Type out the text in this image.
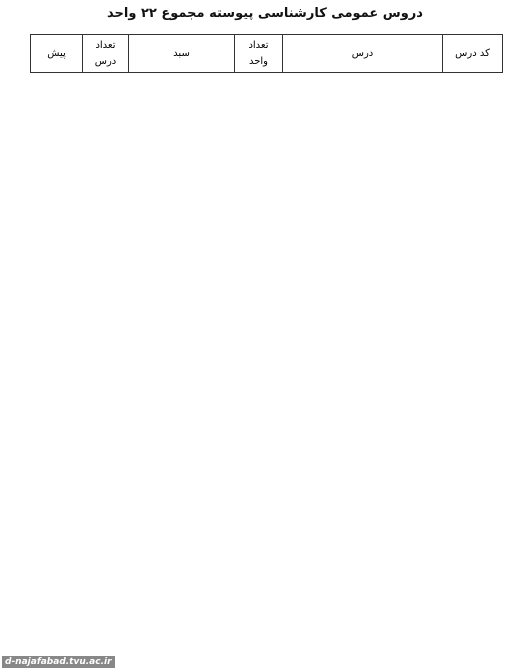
دروس عمومی کارشناسی پیوسته مجموع ۲۲ واحد
کد درس	درس	تعداد واحد	سبد	تعداد درس	پیش
d-najafabad.tvu.ac.ir
